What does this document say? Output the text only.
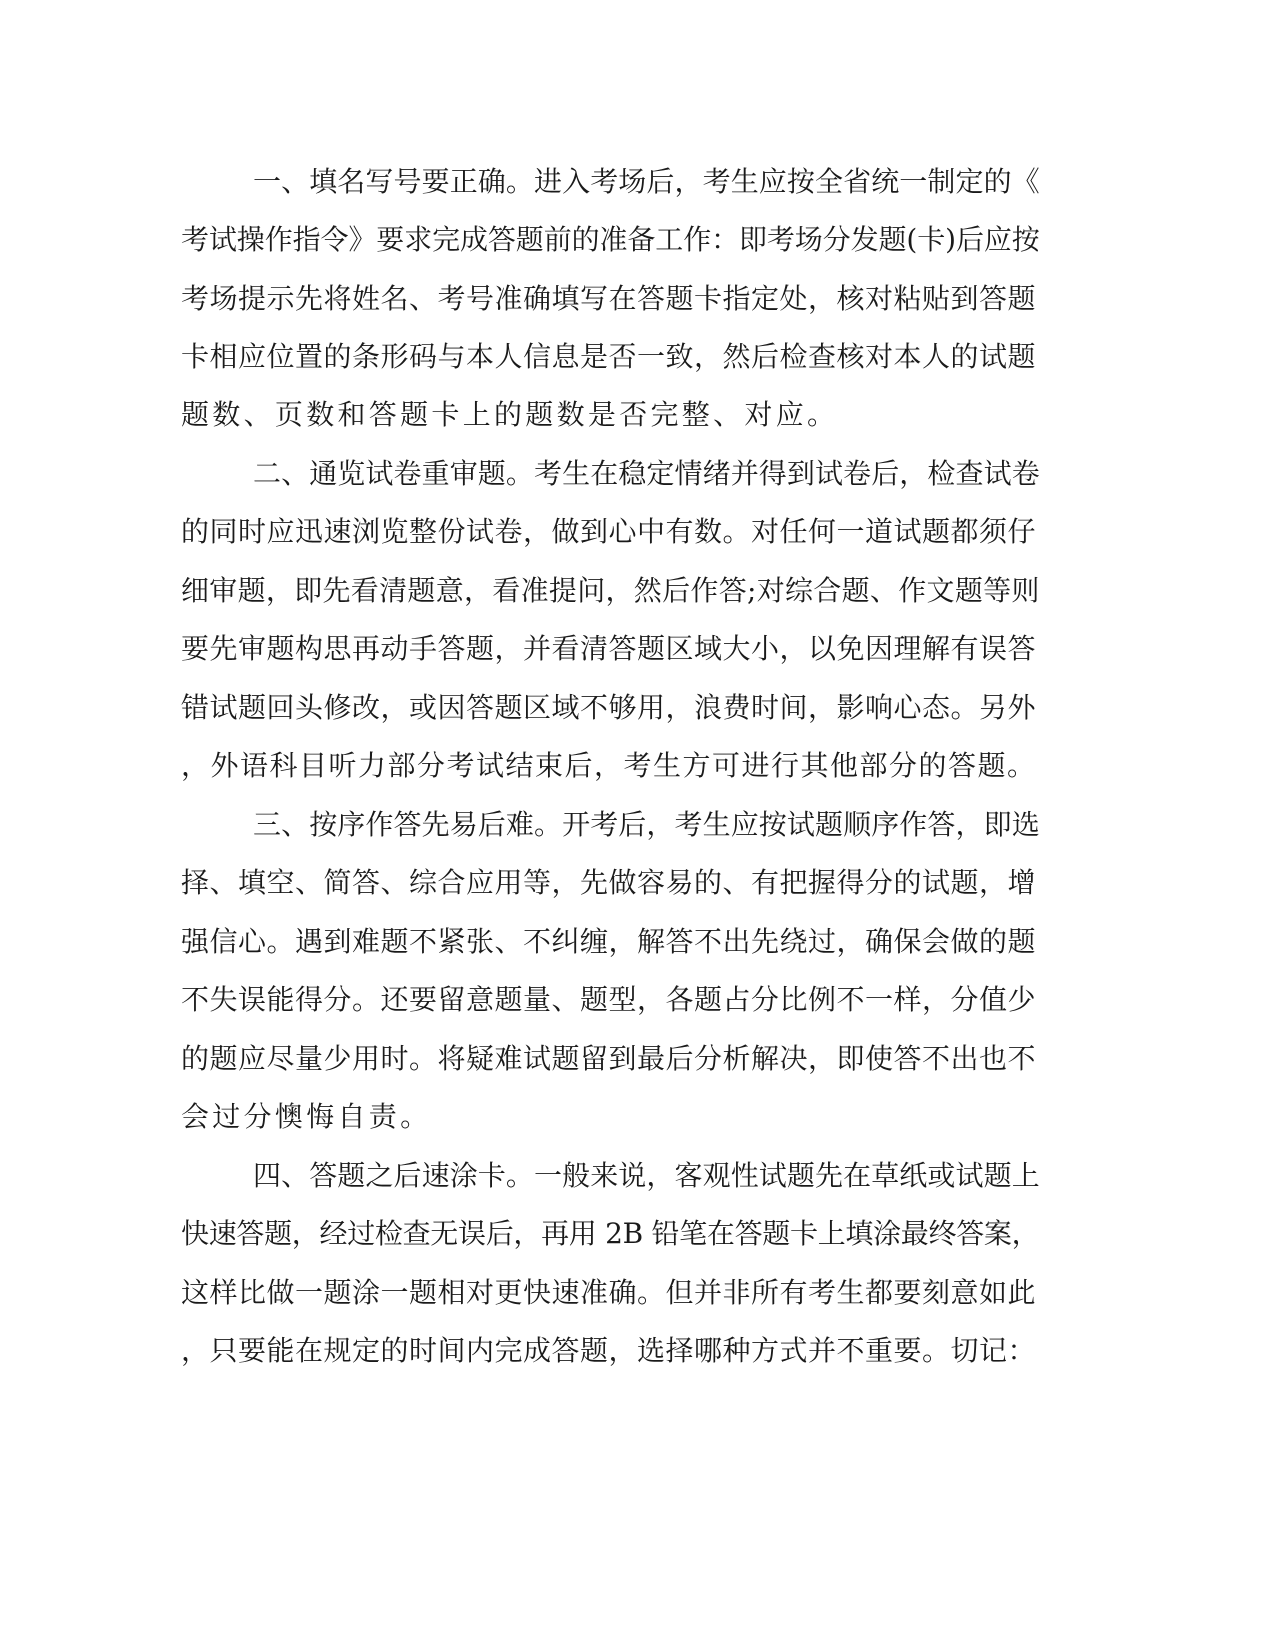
一、填名写号要正确。进入考场后，考生应按全省统一制定的《
考试操作指令》要求完成答题前的准备工作：即考场分发题(卡)后应按
考场提示先将姓名、考号准确填写在答题卡指定处，核对粘贴到答题
卡相应位置的条形码与本人信息是否一致，然后检查核对本人的试题
题数、页数和答题卡上的题数是否完整、对应。
二、通览试卷重审题。考生在稳定情绪并得到试卷后，检查试卷
的同时应迅速浏览整份试卷，做到心中有数。对任何一道试题都须仔
细审题，即先看清题意，看准提问，然后作答;对综合题、作文题等则
要先审题构思再动手答题，并看清答题区域大小，以免因理解有误答
错试题回头修改，或因答题区域不够用，浪费时间，影响心态。另外
，外语科目听力部分考试结束后，考生方可进行其他部分的答题。
三、按序作答先易后难。开考后，考生应按试题顺序作答，即选
择、填空、简答、综合应用等，先做容易的、有把握得分的试题，增
强信心。遇到难题不紧张、不纠缠，解答不出先绕过，确保会做的题
不失误能得分。还要留意题量、题型，各题占分比例不一样，分值少
的题应尽量少用时。将疑难试题留到最后分析解决，即使答不出也不
会过分懊悔自责。
四、答题之后速涂卡。一般来说，客观性试题先在草纸或试题上
快速答题，经过检查无误后，再用 2B 铅笔在答题卡上填涂最终答案，
这样比做一题涂一题相对更快速准确。但并非所有考生都要刻意如此
，只要能在规定的时间内完成答题，选择哪种方式并不重要。切记：
